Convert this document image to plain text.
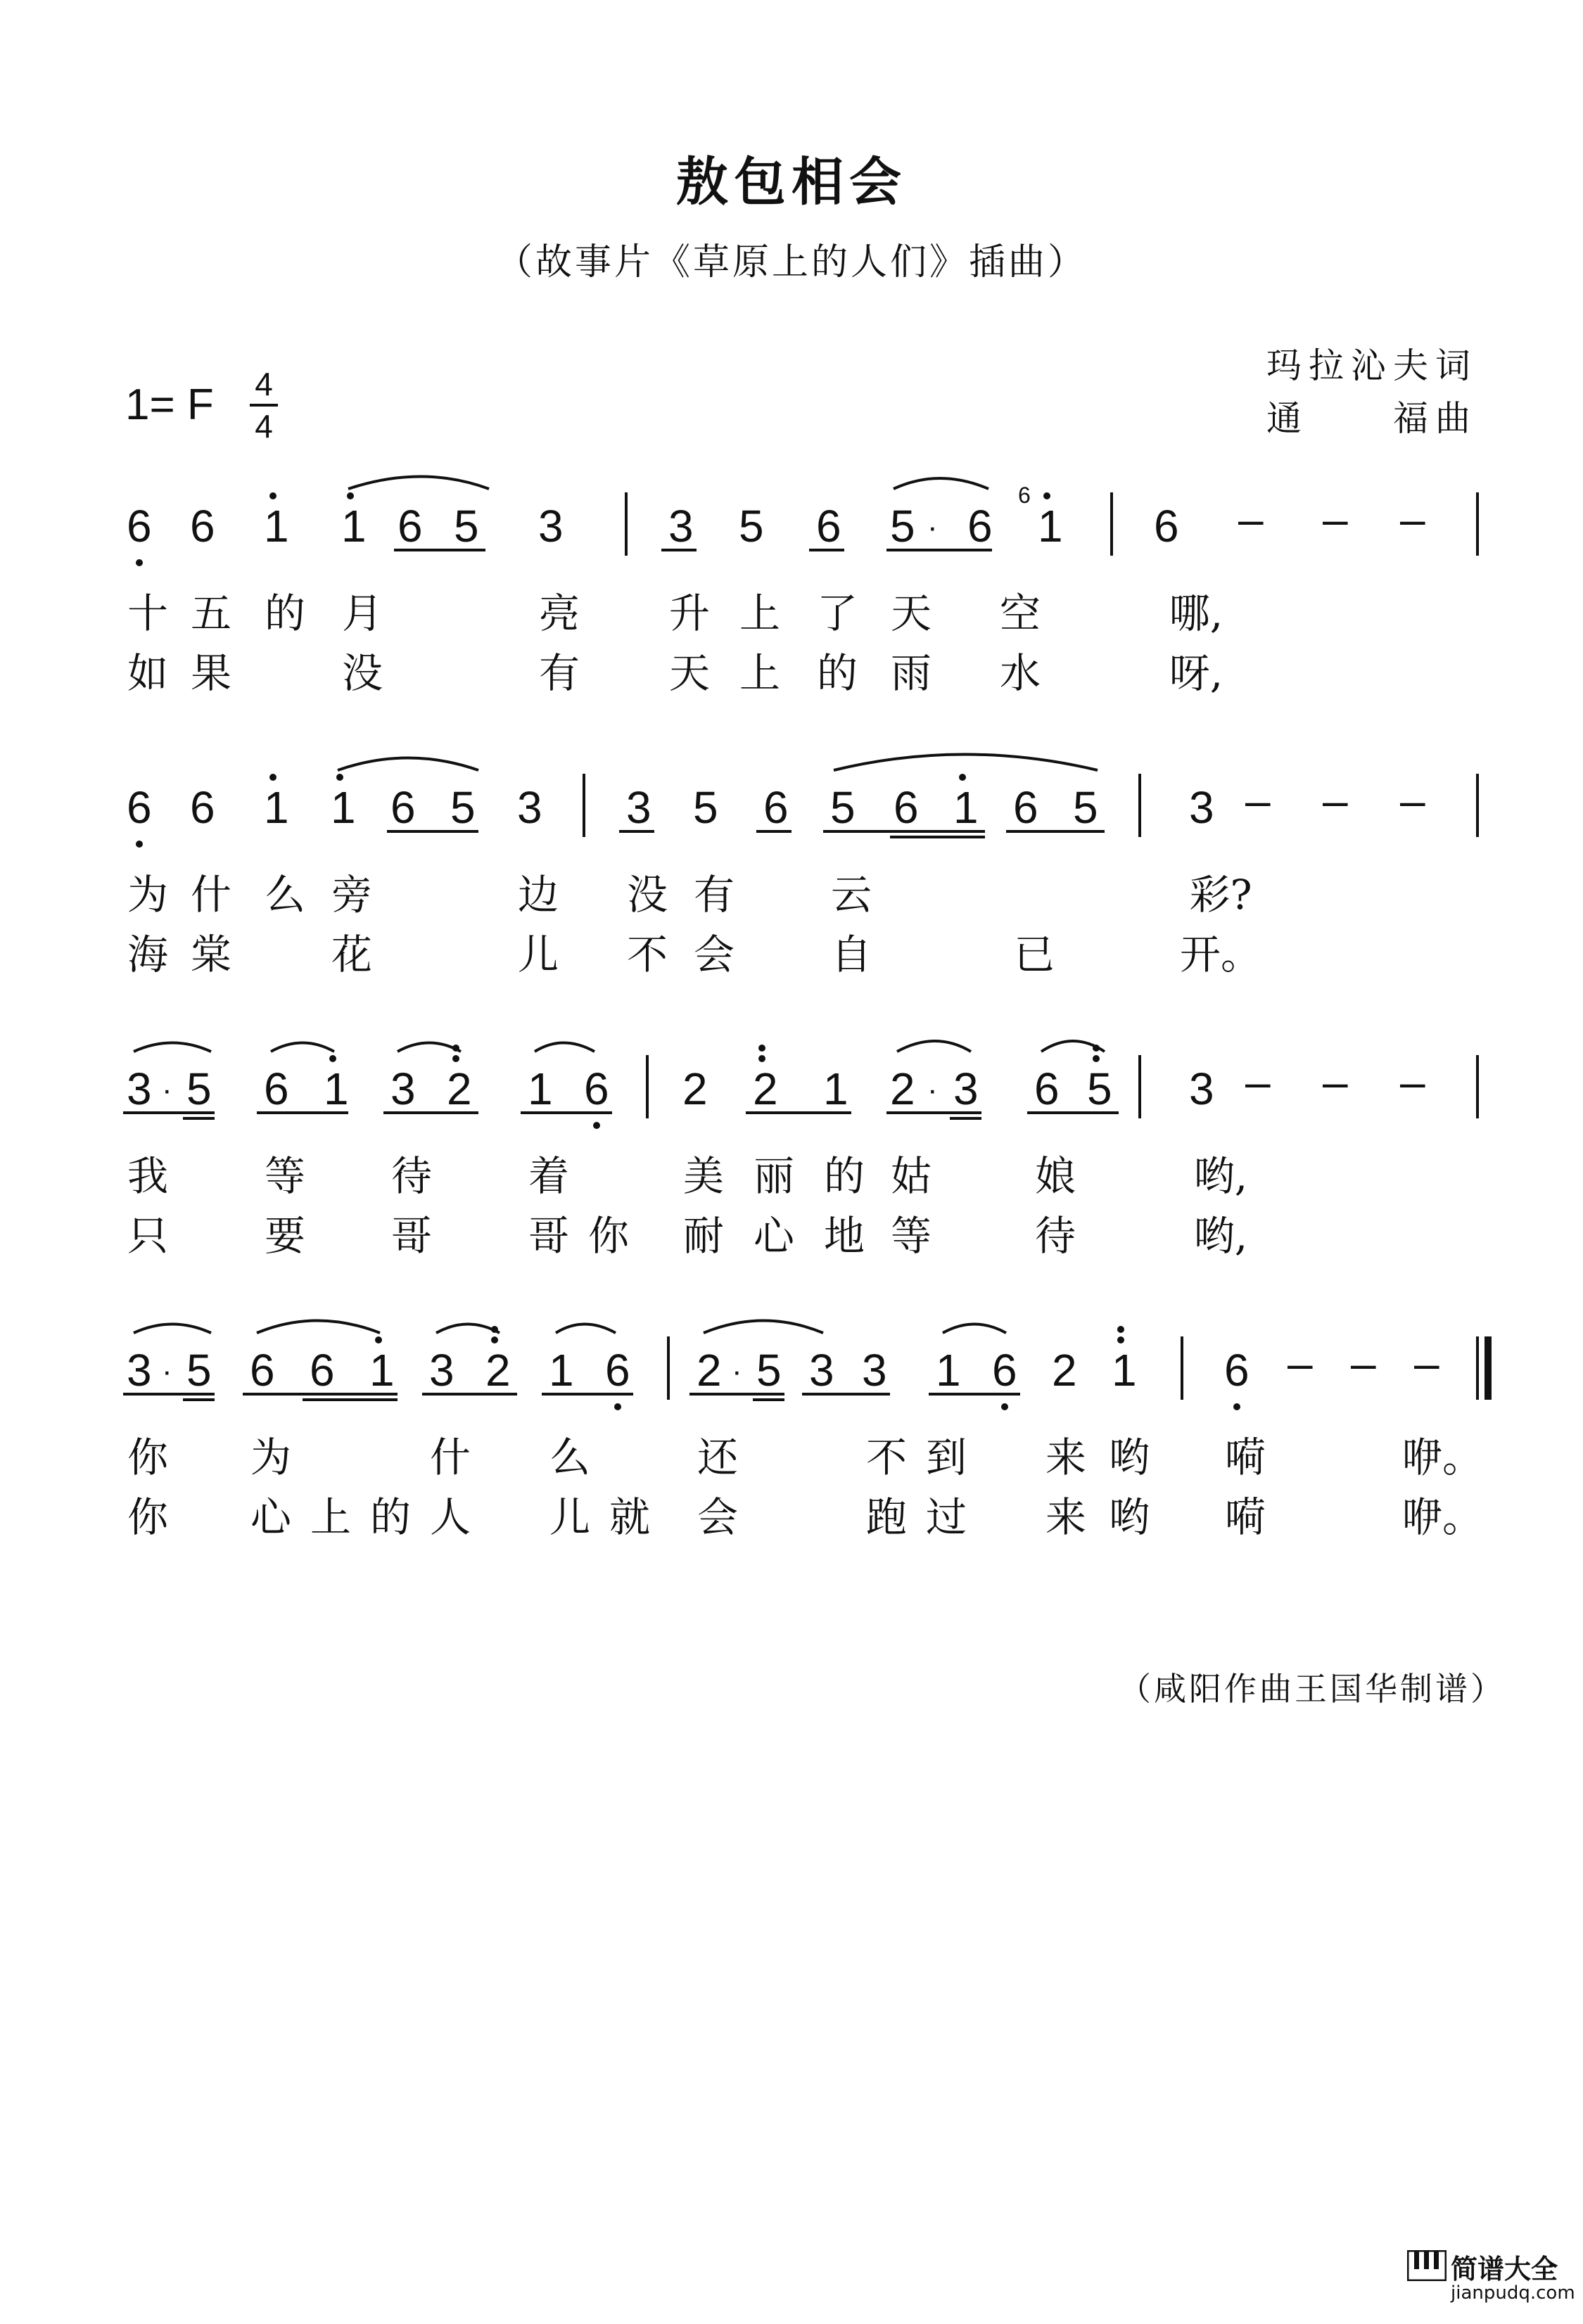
敖包相会
（故事片《草原上的人们》插曲）
玛拉沁夫词
通　　福曲
1= F 4
4
6 6 1 1 6 5 3 3 5 6 5 · 6 1
6
6 – – –
十 五 的 月	亮 升 上 了 天 空	哪,
如 果	没	有 天 上 的 雨 水	呀,
6 6 1 1 6 5 3 3 5 6 5 6 1 6 5 3 – – –
为 什 么 旁	边 没 有 云	彩?
海 棠 花	儿 不 会 自	已	开。
3 · 5 6 1 3 2 1 6 2 2 1 2 · 3 6 5 3 – – –
我 等 待 着	美 丽 的 姑	娘	哟,
只 要 哥 哥 你 耐 心 地 等	待	哟,
3 · 5 6 6 1 3 2 1 6 2 · 5 3 3 1 6 2 1 6 – – –
你 为	什 么	还	不 到 来 哟 嗬	咿。
你 心 上 的 人 儿 就 会	跑 过 来 哟 嗬	咿。
（咸阳作曲王国华制谱）
简谱大全
jianpudq.com
